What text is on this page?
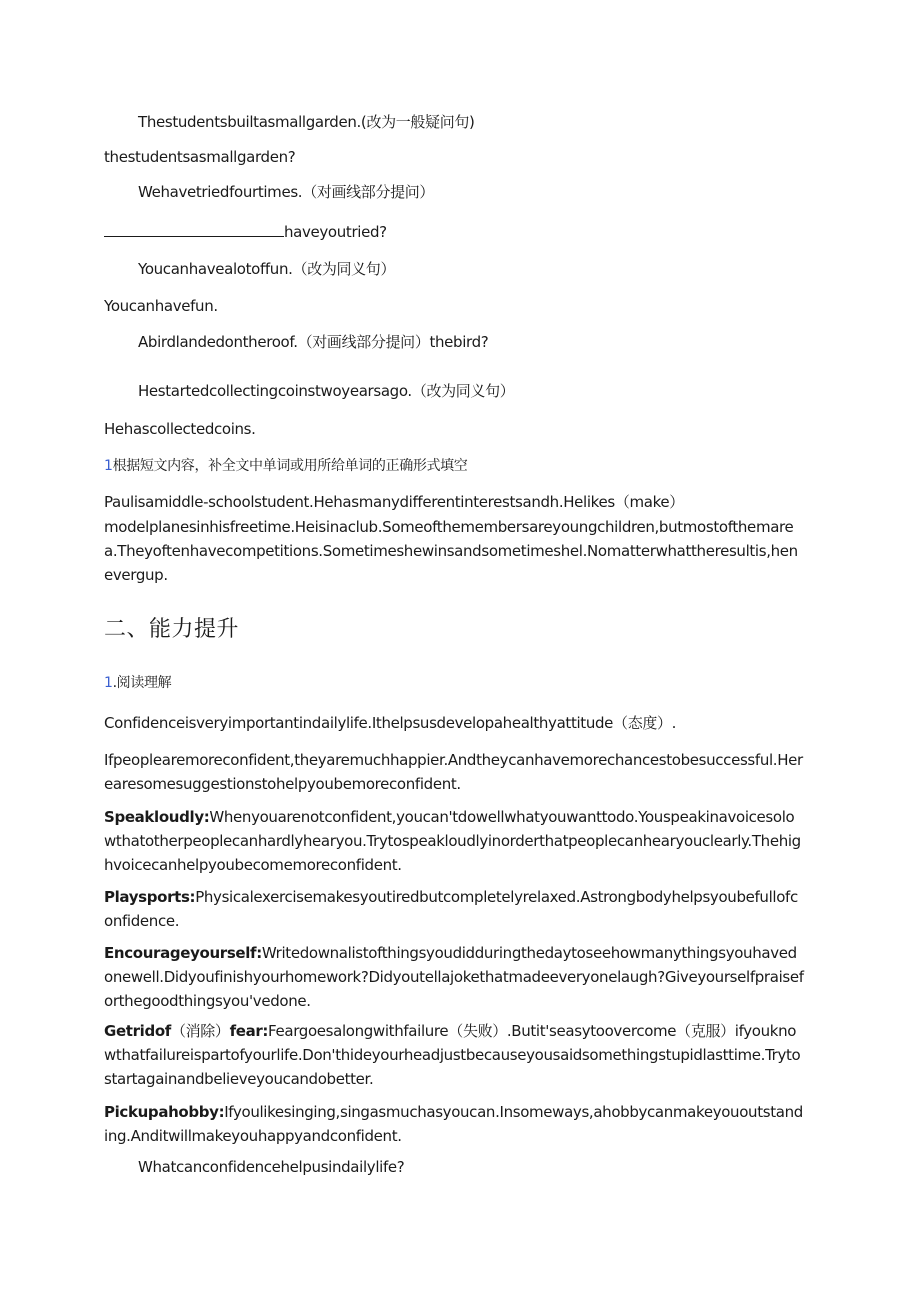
Thestudentsbuiltasmallgarden.(改为一般疑问句)
thestudentsasmallgarden?
Wehavetriedfourtimes.（对画线部分提问）
haveyoutried?
Youcanhavealotoffun.（改为同义句）
Youcanhavefun.
Abirdlandedontheroof.（对画线部分提问）thebird?
Hestartedcollectingcoinstwoyearsago.（改为同义句）
Hehascollectedcoins.
1根据短文内容，补全文中单词或用所给单词的正确形式填空
Paulisamiddle-schoolstudent.Hehasmanydifferentinterestsandh.Helikes（make）
modelplanesinhisfreetime.Heisinaclub.Someofthemembersareyoungchildren,butmostofthemarea.Theyoftenhavecompetitions.Sometimeshewinsandsometimeshel.Nomatterwhattheresultis,henevergup.
二、能力提升
1.阅读理解
Confidenceisveryimportantindailylife.Ithelpsusdevelopahealthyattitude（态度）.
Ifpeoplearemoreconfident,theyaremuchhappier.Andtheycanhavemorechancestobesuccessful.Herearesomesuggestionstohelpyoubemoreconfident.
Speakloudly:Whenyouarenotconfident,youcan'tdowellwhatyouwanttodo.Youspeakinavoicesolowthatotherpeoplecanhardlyhearyou.Trytospeakloudlyinorderthatpeoplecanhearyouclearly.Thehighvoicecanhelpyoubecomemoreconfident.
Playsports:Physicalexercisemakesyoutiredbutcompletelyrelaxed.Astrongbodyhelpsyoubefullofconfidence.
Encourageyourself:Writedownalistofthingsyoudidduringthedaytoseehowmanythingsyouhavedonewell.Didyoufinishyourhomework?Didyoutellajokethatmadeeveryonelaugh?Giveyourselfpraiseforthegoodthingsyou'vedone.
Getridof（消除）fear:Feargoesalongwithfailure（失败）.Butit'seasytoovercome（克服）ifyouknowthatfailureispartofyourlife.Don'thideyourheadjustbecauseyousaidsomethingstupidlasttime.Trytostartagainandbelieveyoucandobetter.
Pickupahobby:Ifyoulikesinging,singasmuchasyoucan.Insomeways,ahobbycanmakeyououtstanding.Anditwillmakeyouhappyandconfident.
Whatcanconfidencehelpusindailylife?
